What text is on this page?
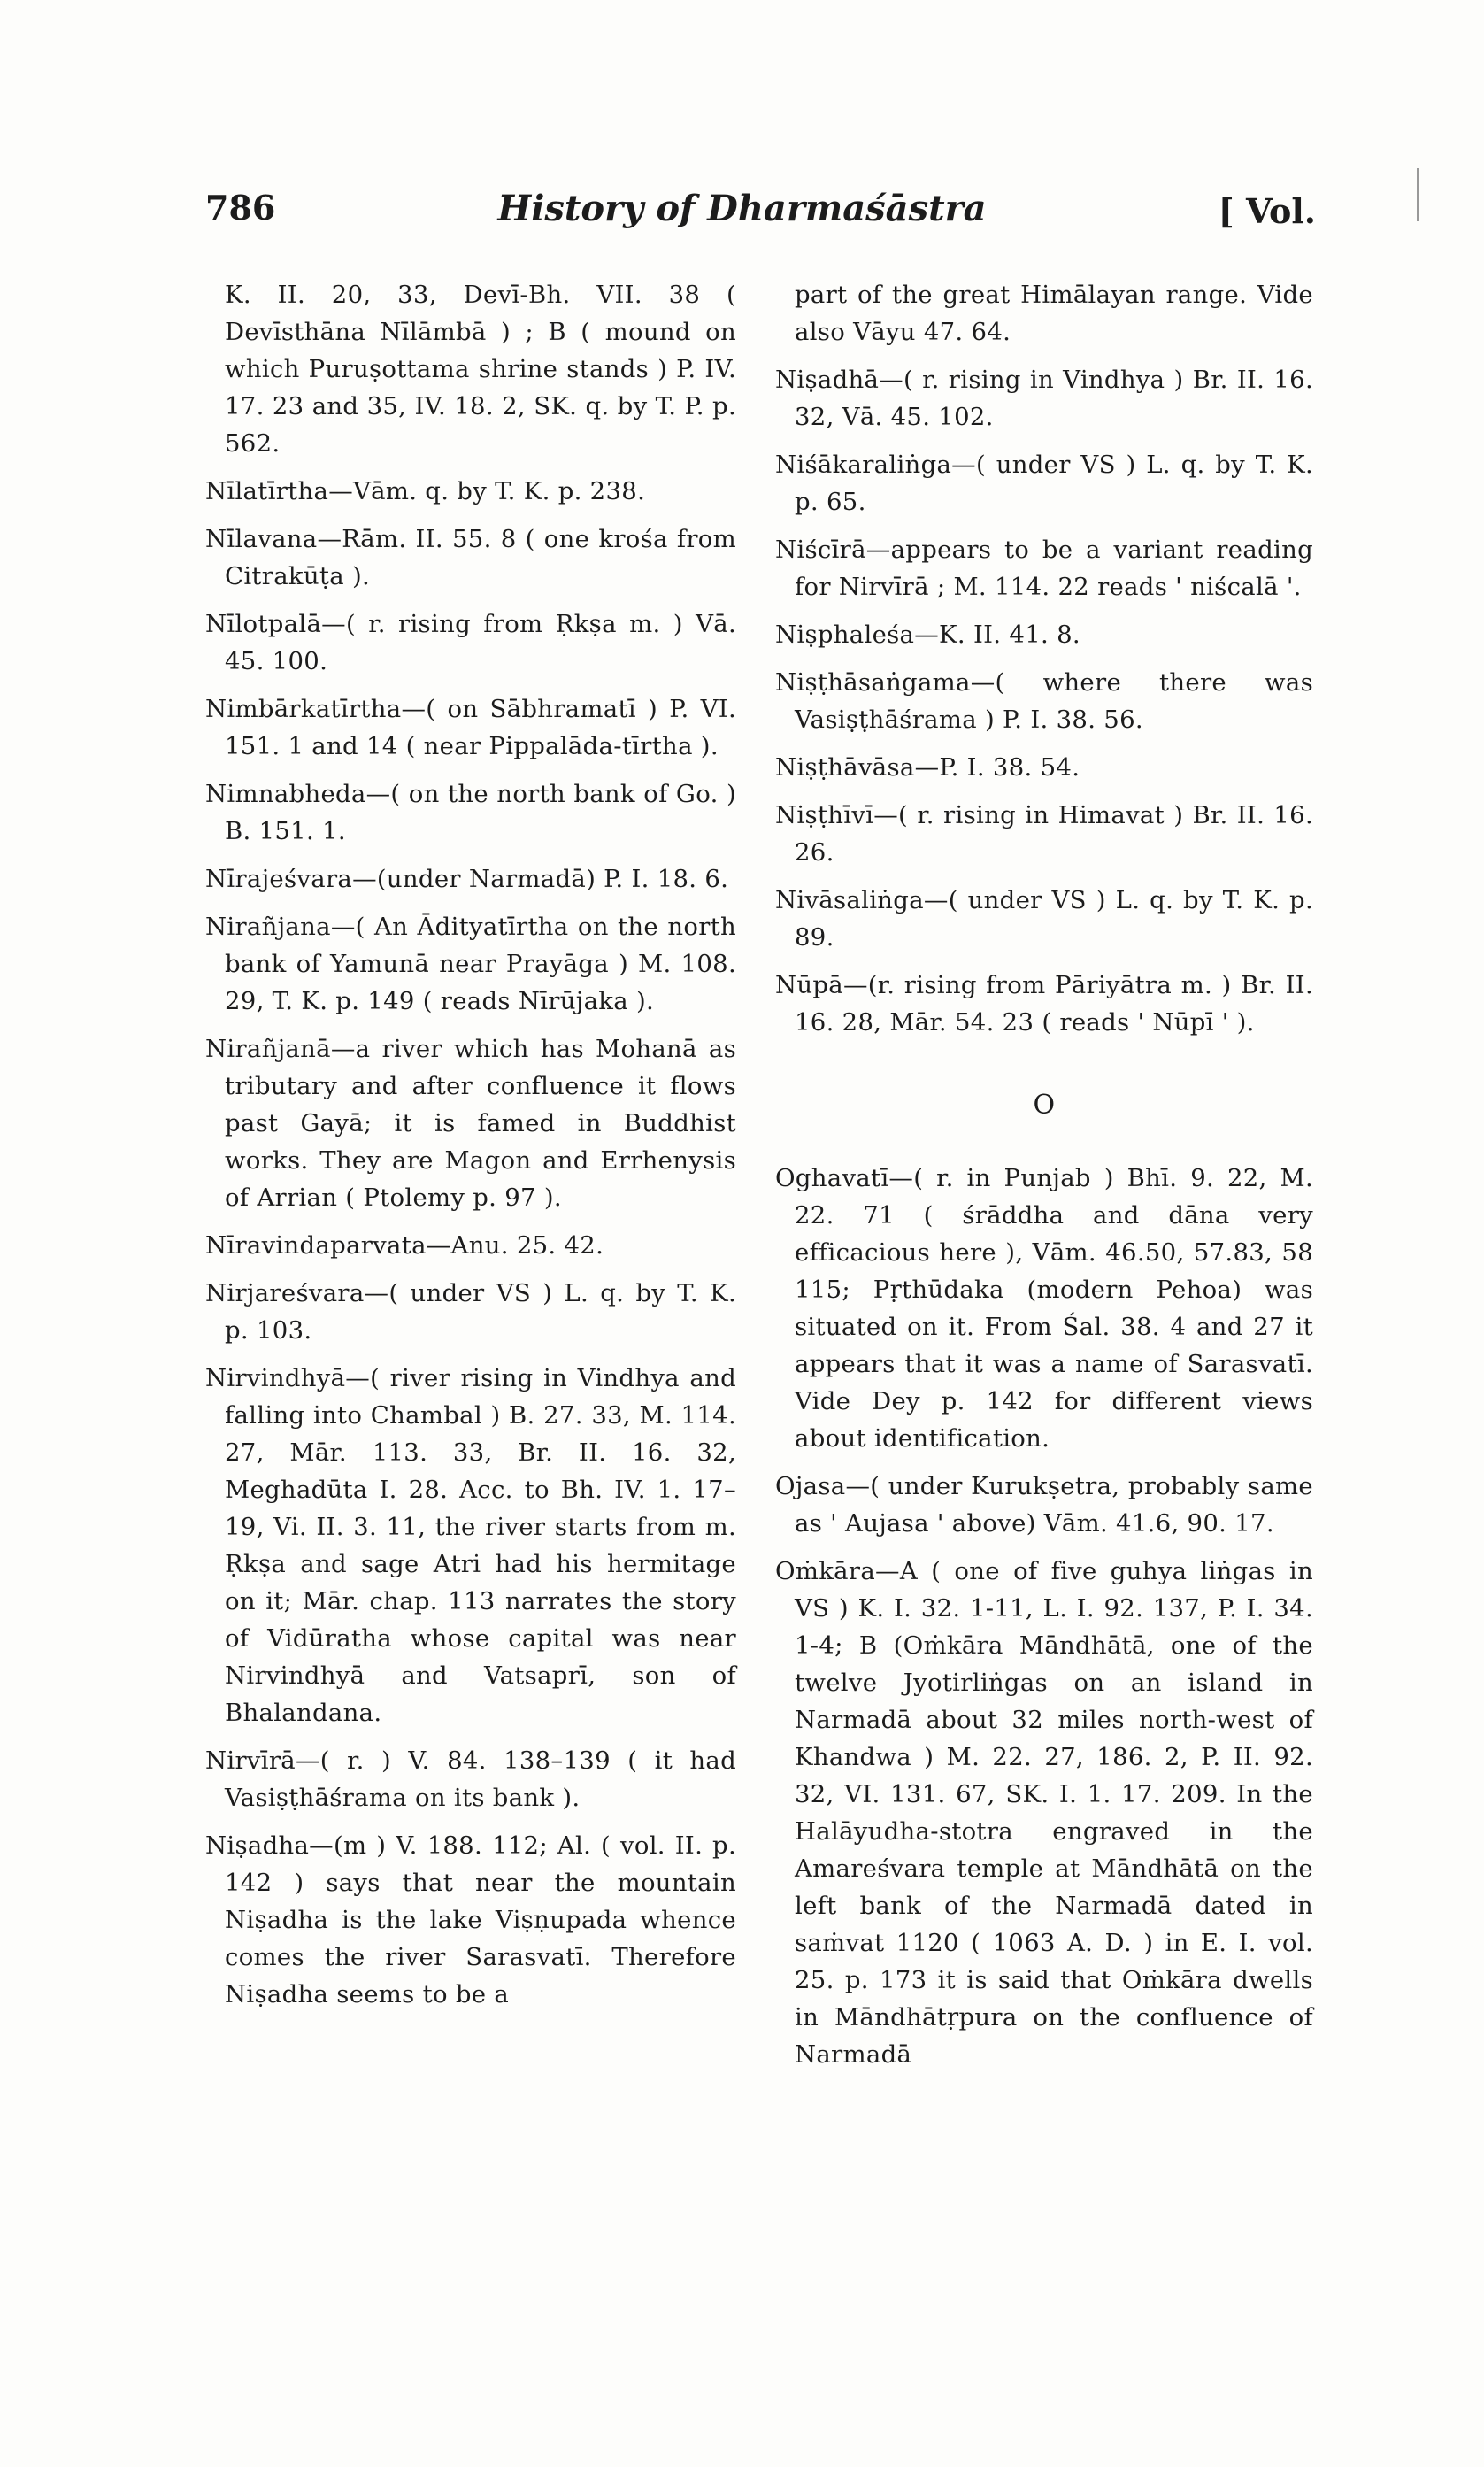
786	History of Dharmaśāstra	[ Vol.

K. II. 20, 33, Devī-Bh. VII. 38 ( Devīsthāna Nīlāmbā ) ; B ( mound on which Puruṣottama shrine stands ) P. IV. 17. 23 and 35, IV. 18. 2, SK. q. by T. P. p. 562.

Nīlatīrtha—Vām. q. by T. K. p. 238.

Nīlavana—Rām. II. 55. 8 ( one krośa from Citrakūṭa ).

Nīlotpalā—( r. rising from Ṛkṣa m. ) Vā. 45. 100.

Nimbārkatīrtha—( on Sābhramatī ) P. VI. 151. 1 and 14 ( near Pippalāda-tīrtha ).

Nimnabheda—( on the north bank of Go. ) B. 151. 1.

Nīrajeśvara—(under Narmadā) P. I. 18. 6.

Nirañjana—( An Ādityatīrtha on the north bank of Yamunā near Prayāga ) M. 108. 29, T. K. p. 149 ( reads Nīrūjaka ).

Nirañjanā—a river which has Mohanā as tributary and after confluence it flows past Gayā; it is famed in Buddhist works. They are Magon and Errhenysis of Arrian ( Ptolemy p. 97 ).

Nīravindaparvata—Anu. 25. 42.

Nirjareśvara—( under VS ) L. q. by T. K. p. 103.

Nirvindhyā—( river rising in Vindhya and falling into Chambal ) B. 27. 33, M. 114. 27, Mār. 113. 33, Br. II. 16. 32, Meghadūta I. 28. Acc. to Bh. IV. 1. 17–19, Vi. II. 3. 11, the river starts from m. Ṛkṣa and sage Atri had his hermitage on it; Mār. chap. 113 narrates the story of Vidūratha whose capital was near Nirvindhyā and Vatsaprī, son of Bhalandana.

Nirvīrā—( r. ) V. 84. 138–139 ( it had Vasiṣṭhāśrama on its bank ).

Niṣadha—(m ) V. 188. 112; Al. ( vol. II. p. 142 ) says that near the mountain Niṣadha is the lake Viṣṇupada whence comes the river Sarasvatī. Therefore Niṣadha seems to be a

part of the great Himālayan range. Vide also Vāyu 47. 64.

Niṣadhā—( r. rising in Vindhya ) Br. II. 16. 32, Vā. 45. 102.

Niśākaraliṅga—( under VS ) L. q. by T. K. p. 65.

Niścīrā—appears to be a variant reading for Nirvīrā ; M. 114. 22 reads ' niścalā '.

Niṣphaleśa—K. II. 41. 8.

Niṣṭhāsaṅgama—( where there was Vasiṣṭhāśrama ) P. I. 38. 56.

Niṣṭhāvāsa—P. I. 38. 54.

Niṣṭhīvī—( r. rising in Himavat ) Br. II. 16. 26.

Nivāsaliṅga—( under VS ) L. q. by T. K. p. 89.

Nūpā—(r. rising from Pāriyātra m. ) Br. II. 16. 28, Mār. 54. 23 ( reads ' Nūpī ' ).

O

Oghavatī—( r. in Punjab ) Bhī. 9. 22, M. 22. 71 ( śrāddha and dāna very efficacious here ), Vām. 46.50, 57.83, 58 115; Pṛthūdaka (modern Pehoa) was situated on it. From Śal. 38. 4 and 27 it appears that it was a name of Sarasvatī. Vide Dey p. 142 for different views about identification.

Ojasa—( under Kurukṣetra, probably same as ' Aujasa ' above) Vām. 41.6, 90. 17.

Oṁkāra—A ( one of five guhya liṅgas in VS ) K. I. 32. 1-11, L. I. 92. 137, P. I. 34. 1-4; B (Oṁkāra Māndhātā, one of the twelve Jyotirliṅgas on an island in Narmadā about 32 miles north-west of Khandwa ) M. 22. 27, 186. 2, P. II. 92. 32, VI. 131. 67, SK. I. 1. 17. 209. In the Halāyudha-stotra engraved in the Amareśvara temple at Māndhātā on the left bank of the Narmadā dated in saṁvat 1120 ( 1063 A. D. ) in E. I. vol. 25. p. 173 it is said that Oṁkāra dwells in Māndhātṛpura on the confluence of Narmadā
